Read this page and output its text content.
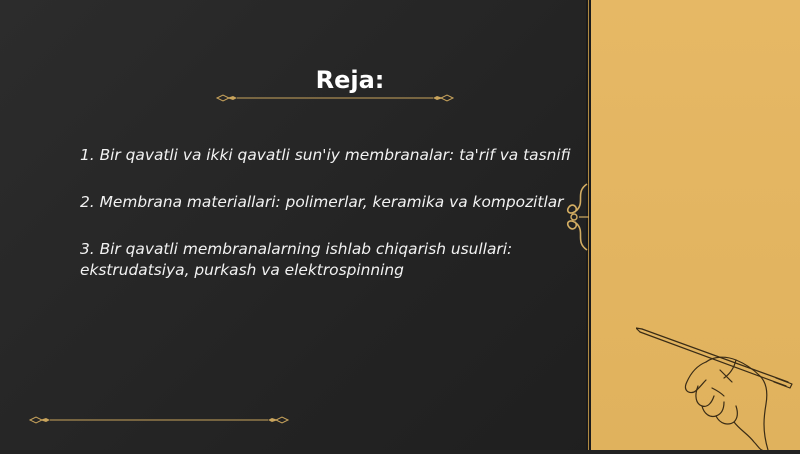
Reja:

1. Bir qavatli va ikki qavatli sun'iy membranalar: ta'rif va tasnifi

2. Membrana materiallari: polimerlar, keramika va kompozitlar

3. Bir qavatli membranalarning ishlab chiqarish usullari: ekstrudatsiya, purkash va elektrospinning
